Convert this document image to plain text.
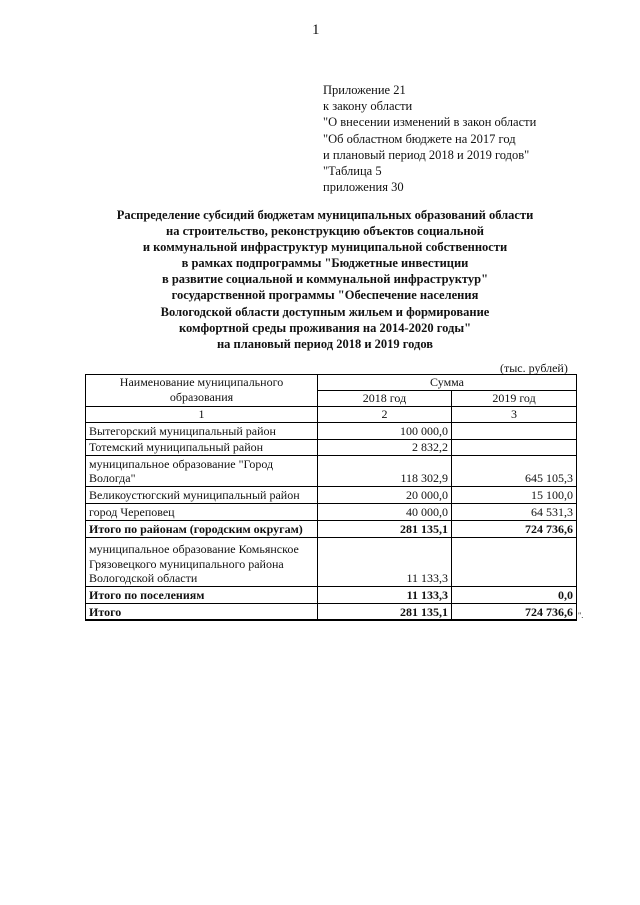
1
Приложение 21
к закону области
"О внесении изменений в закон области
"Об областном бюджете на 2017 год
и плановый период 2018 и 2019 годов"
"Таблица 5
приложения 30
Распределение субсидий бюджетам муниципальных образований области
на строительство, реконструкцию объектов социальной
и коммунальной инфраструктур муниципальной собственности
в рамках подпрограммы "Бюджетные инвестиции
в развитие социальной и коммунальной инфраструктур"
государственной программы "Обеспечение населения
Вологодской области доступным жильем и формирование
комфортной среды проживания на 2014-2020 годы"
на плановый период 2018 и 2019 годов
(тыс. рублей)
Наименование муниципального образования	Сумма	
	2018 год	2019 год
1	2	3
Вытегорский муниципальный район	100 000,0	
Тотемский муниципальный район	2 832,2	
муниципальное образование "Город Вологда"	118 302,9	645 105,3
Великоустюгский муниципальный район	20 000,0	15 100,0
город Череповец	40 000,0	64 531,3
Итого по районам (городским округам)	281 135,1	724 736,6
муниципальное образование Комьянское Грязовецкого муниципального района Вологодской области	11 133,3	
Итого по поселениям	11 133,3	0,0
Итого	281 135,1	724 736,6 ".
